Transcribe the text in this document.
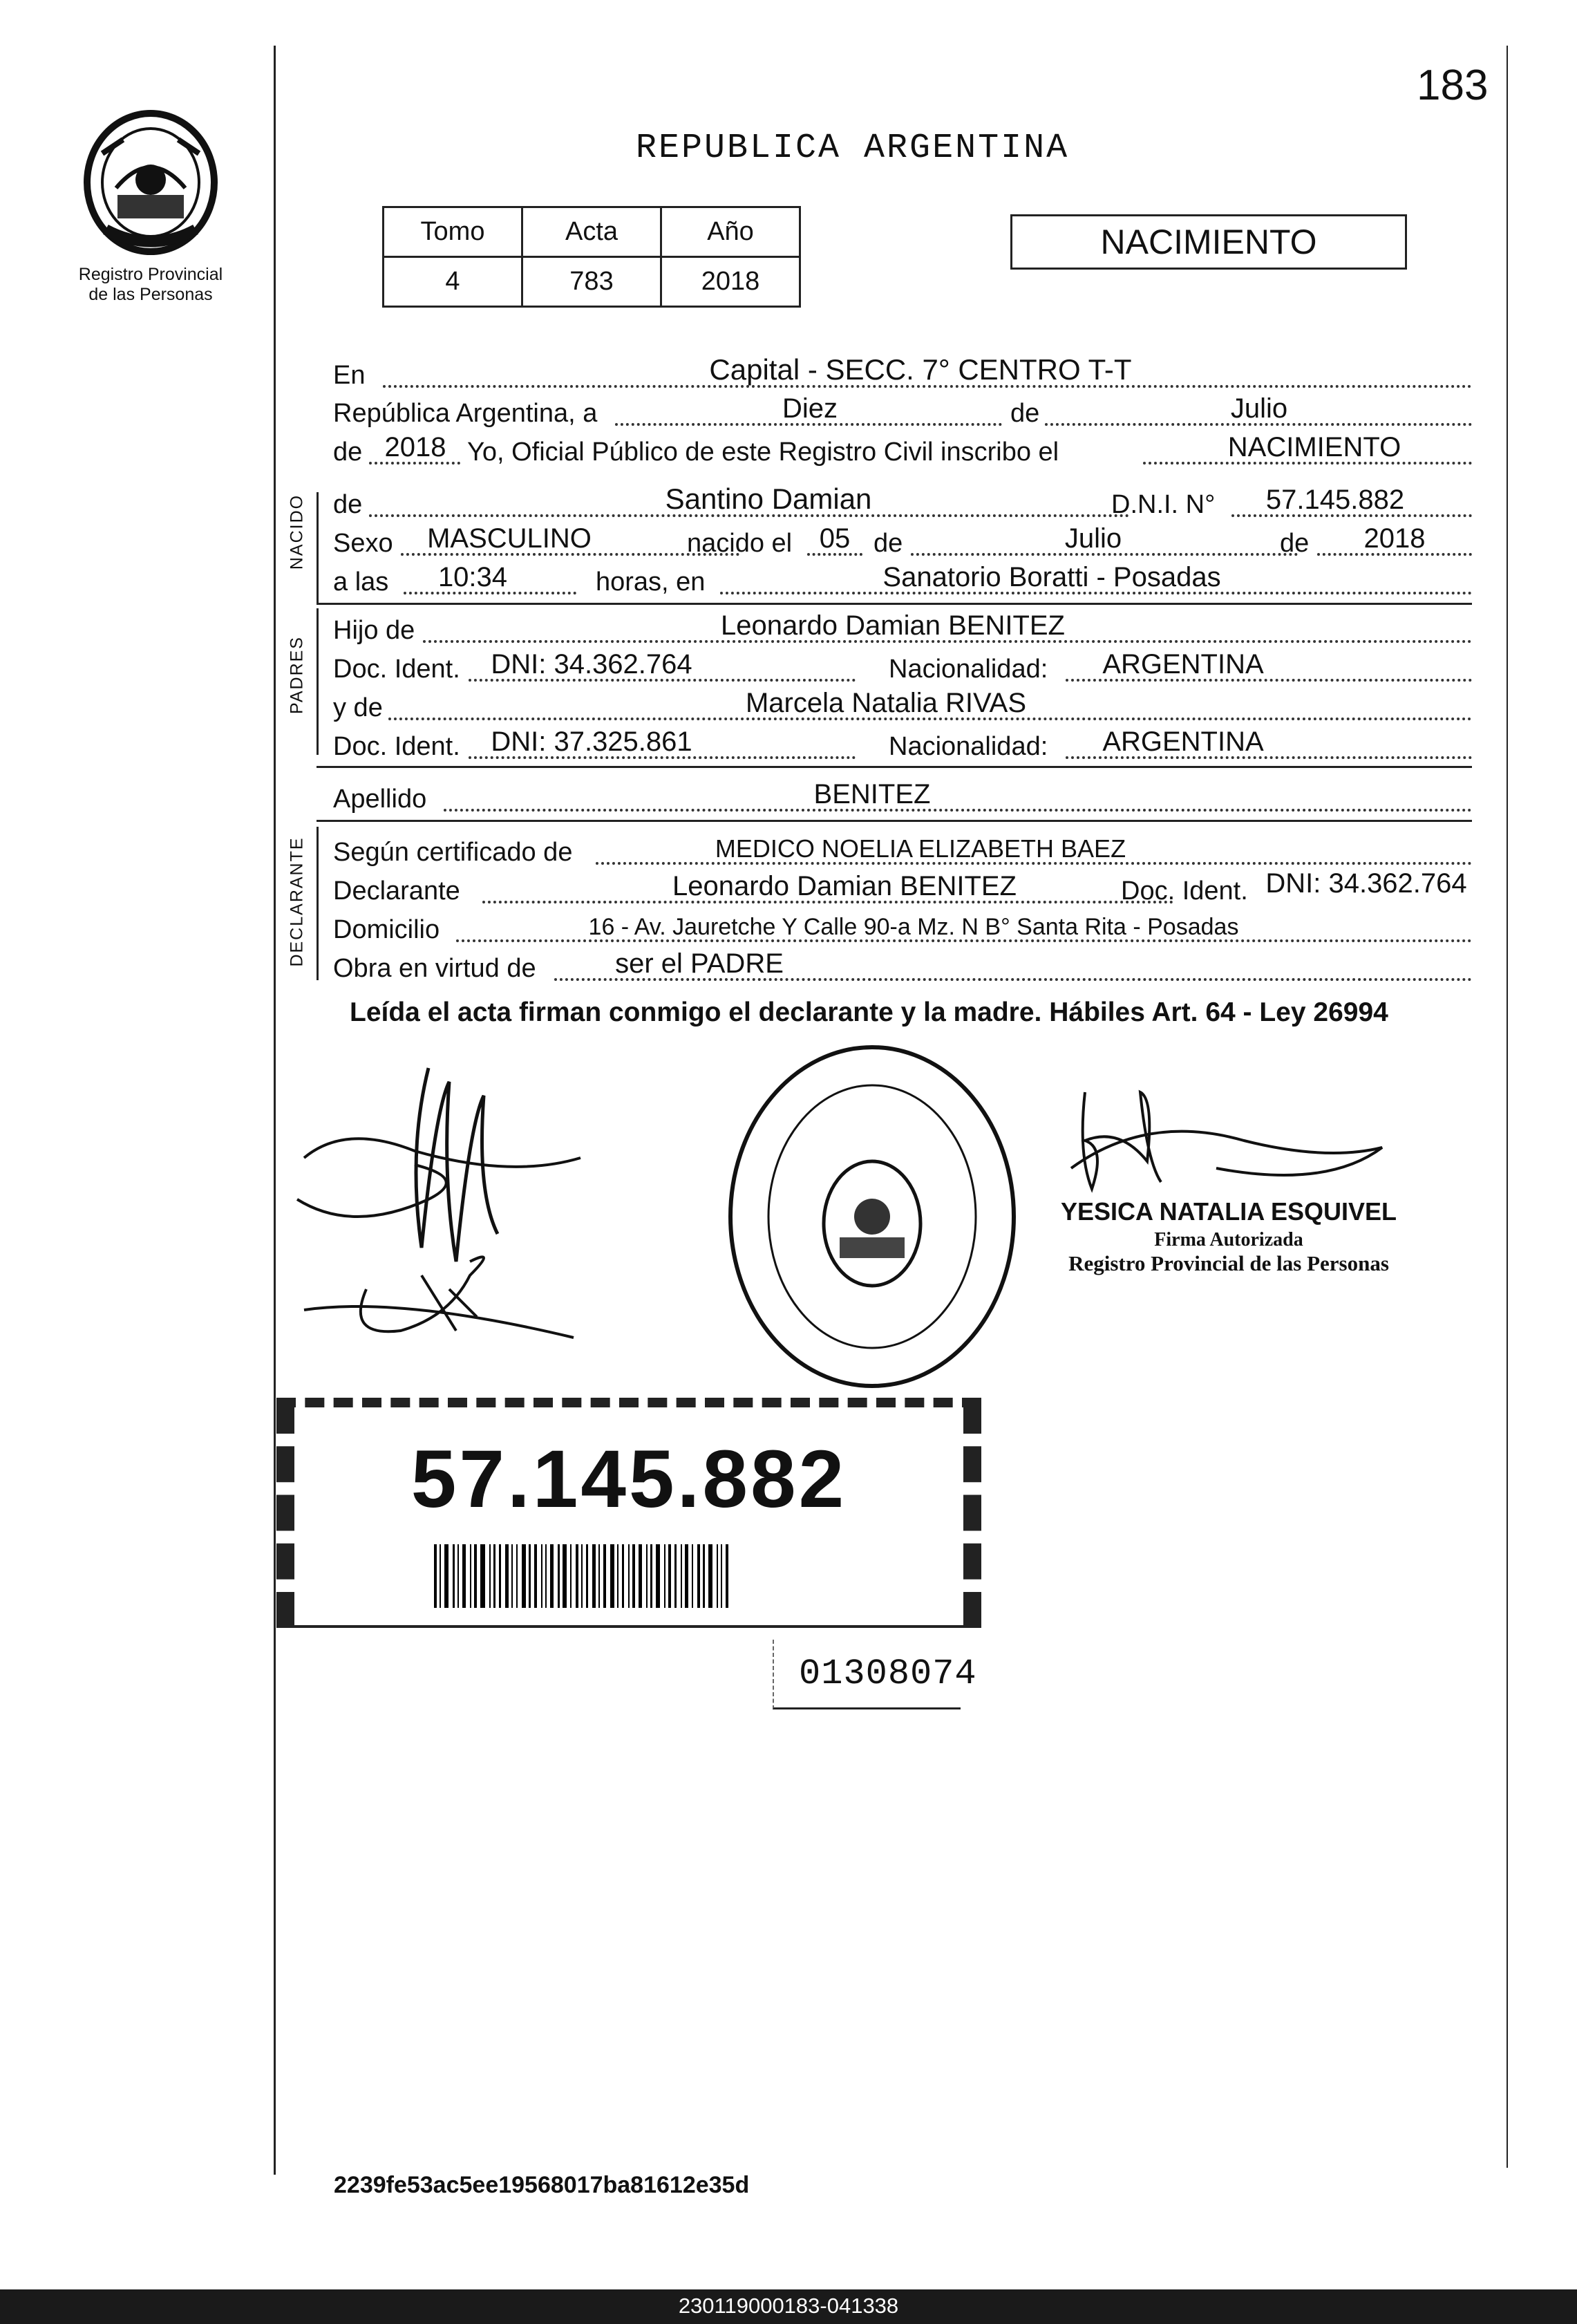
183
Registro Provincial
de las Personas
REPUBLICA ARGENTINA
Tomo	Acta	Año
4	783	2018
NACIMIENTO
En	Capital - SECC. 7° CENTRO T-T
República Argentina, a	Diez	de	Julio
de 2018 Yo, Oficial Público de este Registro Civil inscribo el	NACIMIENTO
NACIDO de	Santino Damian	D.N.I. N°	57.145.882
Sexo	MASCULINO	nacido el 05 de	Julio	de	2018
a las	10:34	horas, en	Sanatorio Boratti - Posadas
PADRES
Hijo de	Leonardo Damian BENITEZ
Doc. Ident.	DNI: 34.362.764	Nacionalidad:	ARGENTINA
y de	Marcela Natalia RIVAS
Doc. Ident.	DNI: 37.325.861	Nacionalidad:	ARGENTINA
Apellido	BENITEZ
DECLARANTE Según certificado de	MEDICO NOELIA ELIZABETH BAEZ
Declarante	Leonardo Damian BENITEZ	Doc. Ident. DNI: 34.362.764
Domicilio	16 - Av. Jauretche Y Calle 90-a Mz. N B° Santa Rita - Posadas
Obra en virtud de	ser el PADRE
Leída el acta firman conmigo el declarante y la madre. Hábiles Art. 64 - Ley 26994
YESICA NATALIA ESQUIVEL
Firma Autorizada
Registro Provincial de las Personas
57.145.882
01308074
2239fe53ac5ee19568017ba81612e35d
230119000183-041338
